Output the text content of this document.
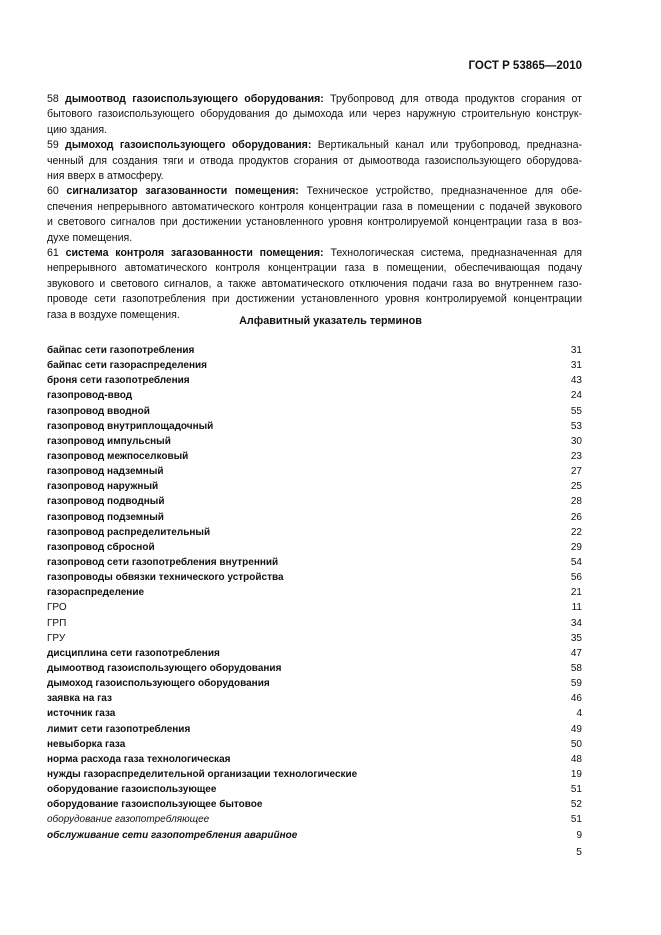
ГОСТ Р 53865—2010
58 дымоотвод газоиспользующего оборудования: Трубопровод для отвода продуктов сгорания от
бытового газоиспользующего оборудования до дымохода или через наружную строительную конструк-
цию здания.
59 дымоход газоиспользующего оборудования: Вертикальный канал или трубопровод, предназна-
ченный для создания тяги и отвода продуктов сгорания от дымоотвода газоиспользующего оборудова-
ния вверх в атмосферу.
60 сигнализатор загазованности помещения: Техническое устройство, предназначенное для обе-
спечения непрерывного автоматического контроля концентрации газа в помещении с подачей звукового
и светового сигналов при достижении установленного уровня контролируемой концентрации газа в воз-
духе помещения.
61 система контроля загазованности помещения: Технологическая система, предназначенная для
непрерывного автоматического контроля концентрации газа в помещении, обеспечивающая подачу
звукового и светового сигналов, а также автоматического отключения подачи газа во внутреннем газо-
проводе сети газопотребления при достижении установленного уровня контролируемой концентрации
газа в воздухе помещения.
Алфавитный указатель терминов
байпас сети газопотребления	31
байпас сети газораспределения	31
броня сети газопотребления	43
газопровод-ввод	24
газопровод вводной	55
газопровод внутриплощадочный	53
газопровод импульсный	30
газопровод межпоселковый	23
газопровод надземный	27
газопровод наружный	25
газопровод подводный	28
газопровод подземный	26
газопровод распределительный	22
газопровод сбросной	29
газопровод сети газопотребления внутренний	54
газопроводы обвязки технического устройства	56
газораспределение	21
ГРО	11
ГРП	34
ГРУ	35
дисциплина сети газопотребления	47
дымоотвод газоиспользующего оборудования	58
дымоход газоиспользующего оборудования	59
заявка на газ	46
источник газа	4
лимит сети газопотребления	49
невыборка газа	50
норма расхода газа технологическая	48
нужды газораспределительной организации технологические	19
оборудование газоиспользующее	51
оборудование газоиспользующее бытовое	52
оборудование газопотребляющее	51
обслуживание сети газопотребления аварийное	9
5
